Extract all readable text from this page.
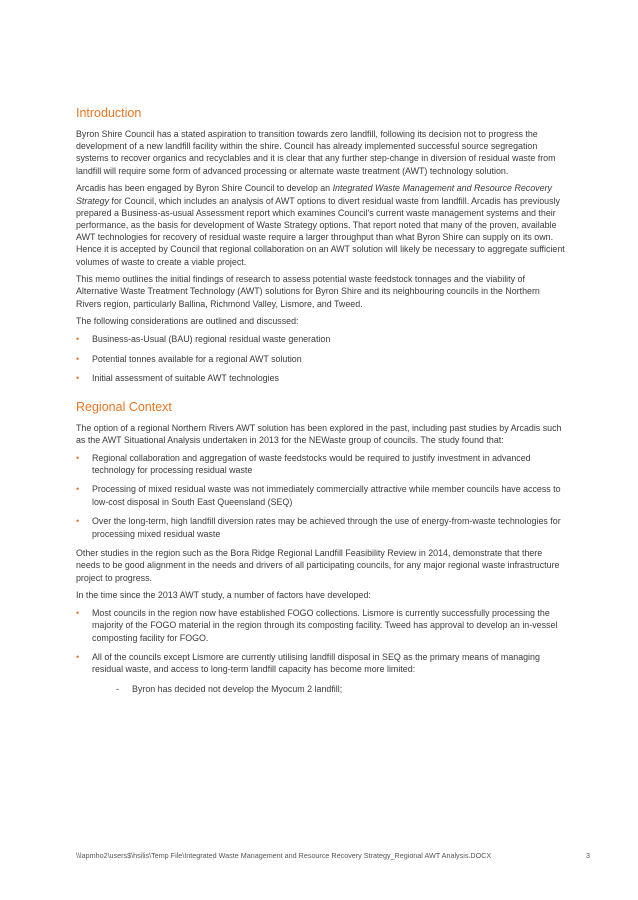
Introduction

Byron Shire Council has a stated aspiration to transition towards zero landfill, following its decision not to progress the development of a new landfill facility within the shire. Council has already implemented successful source segregation systems to recover organics and recyclables and it is clear that any further step-change in diversion of residual waste from landfill will require some form of advanced processing or alternate waste treatment (AWT) technology solution.

Arcadis has been engaged by Byron Shire Council to develop an Integrated Waste Management and Resource Recovery Strategy for Council, which includes an analysis of AWT options to divert residual waste from landfill. Arcadis has previously prepared a Business-as-usual Assessment report which examines Council's current waste management systems and their performance, as the basis for development of Waste Strategy options. That report noted that many of the proven, available AWT technologies for recovery of residual waste require a larger throughput than what Byron Shire can supply on its own. Hence it is accepted by Council that regional collaboration on an AWT solution will likely be necessary to aggregate sufficient volumes of waste to create a viable project.

This memo outlines the initial findings of research to assess potential waste feedstock tonnages and the viability of Alternative Waste Treatment Technology (AWT) solutions for Byron Shire and its neighbouring councils in the Northern Rivers region, particularly Ballina, Richmond Valley, Lismore, and Tweed.

The following considerations are outlined and discussed:

• Business-as-Usual (BAU) regional residual waste generation
• Potential tonnes available for a regional AWT solution
• Initial assessment of suitable AWT technologies
Regional Context

The option of a regional Northern Rivers AWT solution has been explored in the past, including past studies by Arcadis such as the AWT Situational Analysis undertaken in 2013 for the NEWaste group of councils. The study found that:

• Regional collaboration and aggregation of waste feedstocks would be required to justify investment in advanced technology for processing residual waste
• Processing of mixed residual waste was not immediately commercially attractive while member councils have access to low-cost disposal in South East Queensland (SEQ)
• Over the long-term, high landfill diversion rates may be achieved through the use of energy-from-waste technologies for processing mixed residual waste

Other studies in the region such as the Bora Ridge Regional Landfill Feasibility Review in 2014, demonstrate that there needs to be good alignment in the needs and drivers of all participating councils, for any major regional waste infrastructure project to progress.

In the time since the 2013 AWT study, a number of factors have developed:

• Most councils in the region now have established FOGO collections. Lismore is currently successfully processing the majority of the FOGO material in the region through its composting facility. Tweed has approval to develop an in-vessel composting facility for FOGO.
• All of the councils except Lismore are currently utilising landfill disposal in SEQ as the primary means of managing residual waste, and access to long-term landfill capacity has become more limited:
- Byron has decided not develop the Myocum 2 landfill;
\\lapmho2\users$\hsilis\Temp File\Integrated Waste Management and Resource Recovery Strategy_Regional AWT Analysis.DOCX	3
